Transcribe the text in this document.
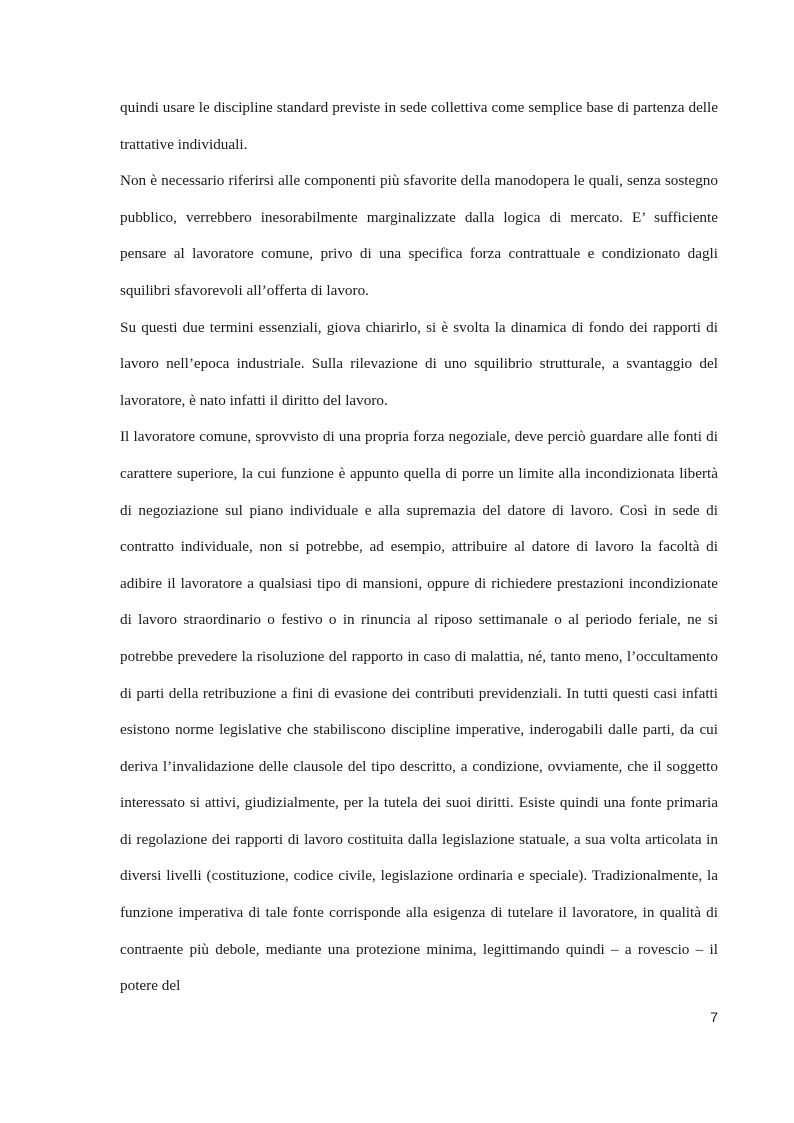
quindi usare le discipline standard previste in sede collettiva come semplice base di partenza delle trattative individuali.

Non è necessario riferirsi alle componenti più sfavorite della manodopera le quali, senza sostegno pubblico, verrebbero inesorabilmente marginalizzate dalla logica di mercato. E’ sufficiente pensare al lavoratore comune, privo di una specifica forza contrattuale e condizionato dagli squilibri sfavorevoli all’offerta di lavoro.

Su questi due termini essenziali, giova chiarirlo, si è svolta la dinamica di fondo dei rapporti di lavoro nell’epoca industriale. Sulla rilevazione di uno squilibrio strutturale, a svantaggio del lavoratore, è nato infatti il diritto del lavoro.

Il lavoratore comune, sprovvisto di una propria forza negoziale, deve perciò guardare alle fonti di carattere superiore, la cui funzione è appunto quella di porre un limite alla incondizionata libertà di negoziazione sul piano individuale e alla supremazia del datore di lavoro. Così in sede di contratto individuale, non si potrebbe, ad esempio, attribuire al datore di lavoro la facoltà di adibire il lavoratore a qualsiasi tipo di mansioni, oppure di richiedere prestazioni incondizionate di lavoro straordinario o festivo o in rinuncia al riposo settimanale o al periodo feriale, ne si potrebbe prevedere la risoluzione del rapporto in caso di malattia, né, tanto meno, l’occultamento di parti della retribuzione a fini di evasione dei contributi previdenziali. In tutti questi casi infatti esistono norme legislative che stabiliscono discipline imperative, inderogabili dalle parti, da cui deriva l’invalidazione delle clausole del tipo descritto, a condizione, ovviamente, che il soggetto interessato si attivi, giudizialmente, per la tutela dei suoi diritti. Esiste quindi una fonte primaria di regolazione dei rapporti di lavoro costituita dalla legislazione statuale, a sua volta articolata in diversi livelli (costituzione, codice civile, legislazione ordinaria e speciale). Tradizionalmente, la funzione imperativa di tale fonte corrisponde alla esigenza di tutelare il lavoratore, in qualità di contraente più debole, mediante una protezione minima, legittimando quindi – a rovescio – il potere del

7
